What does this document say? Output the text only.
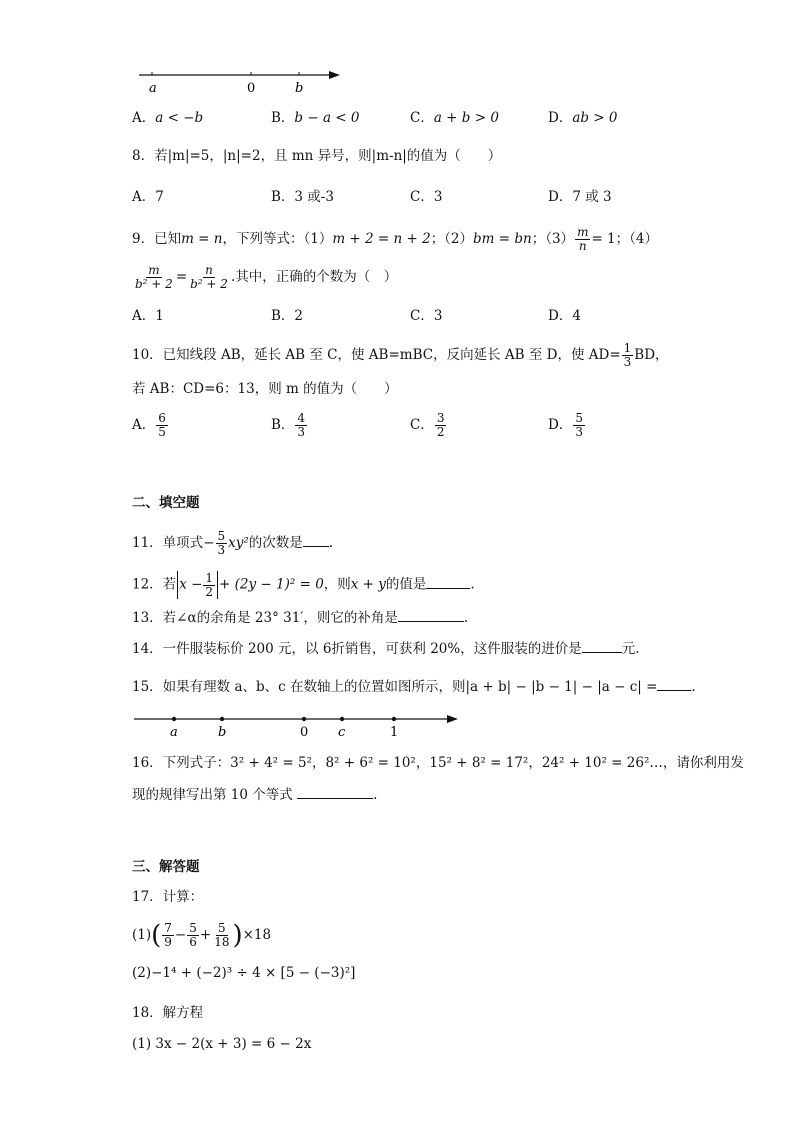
a	0	b
A．a < −b	B．b − a < 0	C．a + b > 0	D．ab > 0
8．若|m|=5，|n|=2，且 mn 异号，则|m-n|的值为（　　）
A．7	B．3 或-3	C．3	D．7 或 3
9．已知m = n，下列等式：（1）m + 2 = n + 2；（2）bm = bn；$(3) \frac{m}{n} = 1$；（4）
$\frac{m}{\text{b² + 2}} = \frac{n}{\text{b² + 2}}$ .其中，正确的个数为（　）
A．1	B．2	C．3	D．4
10．已知线段 AB，延长 AB 至 C，使 AB=mBC，反向延长 AB 至 D，使 $AD= \frac{1}{3}$ BD，
若 AB：CD=6：13，则 m 的值为（　　）
A． $\frac{6}{5}$	B． $\frac{4}{3}$	C． $\frac{3}{2}$	D． $\frac{5}{3}$
二、填空题
11．单项式− $\frac{5}{3} xy^2$的次数是 .
12．若 $x - \frac{1}{2} + (2y - 1)^2 = 0$，则x + y的值是	.
13．若∠α的余角是 23° 31′，则它的补角是	.
14．一件服装标价 200 元，以 6折销售，可获利 20%，这件服装的进价是	元.
15．如果有理数 a、b、c 在数轴上的位置如图所示，则|a + b| − |b − 1| − |a − c| =	.
a	b	0 c	1
16．下列式子：3² + 4² = 5²，8² + 6² = 10²，15² + 8² = 17²，24² + 10² = 26²…，请你利用发
现的规律写出第 10 个等式	.
三、解答题
17．计算：
$(1)( \frac{7}{9} - \frac{5}{6} + \frac{5}{18} )\times 18$
(2)−1⁴ + (−2)³ ÷ 4 × [5 − (−3)²]
18．解方程
(1) 3x − 2(x + 3) = 6 − 2x
